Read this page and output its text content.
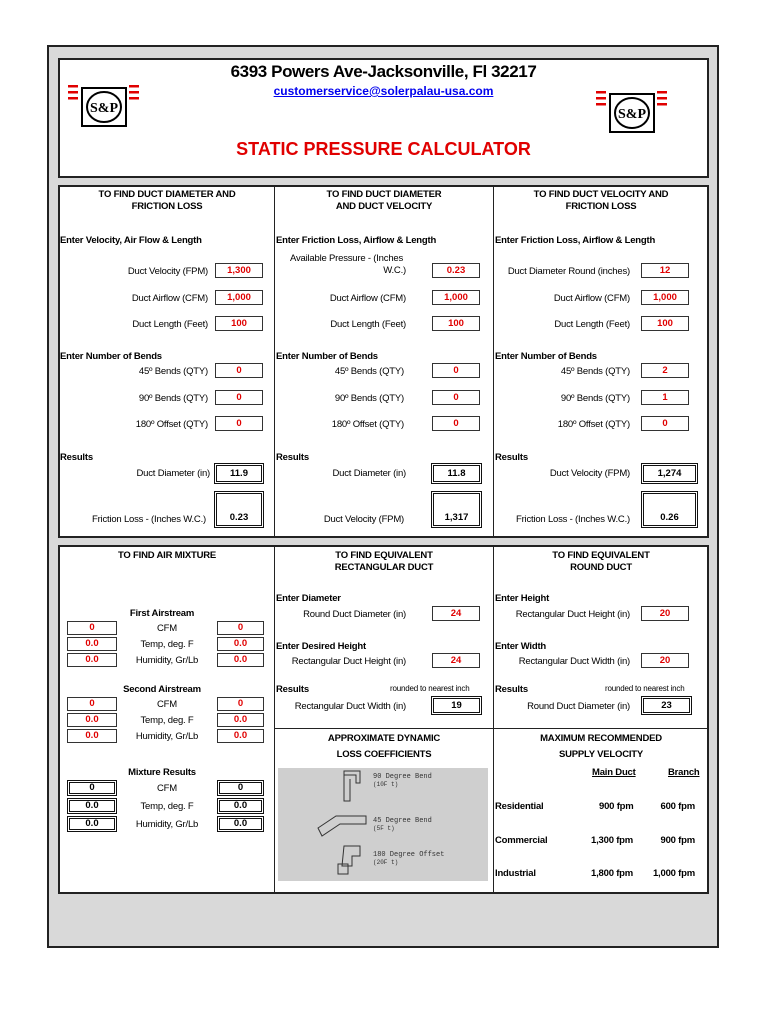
6393 Powers Ave-Jacksonville, Fl 32217
customerservice@solerpalau-usa.com
STATIC PRESSURE CALCULATOR
S&P	S&P
TO FIND DUCT DIAMETER AND
FRICTION LOSS
Enter Velocity, Air Flow & Length
Duct Velocity (FPM)	1,300
Duct Airflow (CFM)	1,000
Duct Length (Feet)	100
Enter Number of Bends
45º Bends (QTY)	0
90º Bends (QTY)	0
180º Offset (QTY)	0
Results
Duct Diameter (in)	11.9
Friction Loss - (Inches W.C.)	0.23
TO FIND DUCT DIAMETER
AND DUCT VELOCITY
Enter Friction Loss, Airflow & Length
Available Pressure - (Inches
W.C.)	0.23
Duct Airflow (CFM)	1,000
Duct Length (Feet)	100
Enter Number of Bends
45º Bends (QTY)	0
90º Bends (QTY)	0
180º Offset (QTY)	0
Results
Duct Diameter (in)	11.8
Duct Velocity (FPM)	1,317
TO FIND DUCT VELOCITY AND
FRICTION LOSS
Enter Friction Loss, Airflow & Length
Duct Diameter Round (inches)	12
Duct Airflow (CFM)	1,000
Duct Length (Feet)	100
Enter Number of Bends
45º Bends (QTY)	2
90º Bends (QTY)	1
180º Offset (QTY)	0
Results
Duct Velocity (FPM)	1,274
Friction Loss - (Inches W.C.)	0.26
TO FIND AIR MIXTURE
First Airstream
0	CFM	0
0.0	Temp, deg. F	0.0
0.0	Humidity, Gr/Lb	0.0
Second Airstream
0	CFM	0
0.0	Temp, deg. F	0.0
0.0	Humidity, Gr/Lb	0.0
Mixture Results
0	CFM	0
0.0	Temp, deg. F	0.0
0.0	Humidity, Gr/Lb	0.0
TO FIND EQUIVALENT
RECTANGULAR DUCT
Enter Diameter
Round Duct Diameter (in)	24
Enter Desired Height
Rectangular Duct Height (in)	24
Results	rounded to nearest inch
Rectangular Duct Width (in)	19
TO FIND EQUIVALENT
ROUND DUCT
Enter Height
Rectangular Duct Height (in)	20
Enter Width
Rectangular Duct Width (in)	20
Results	rounded to nearest inch
Round Duct Diameter (in)	23
APPROXIMATE DYNAMIC
LOSS COEFFICIENTS
90 Degree Bend
(10F t)
45 Degree Bend
(5F t)
180 Degree Offset
(20F t)
MAXIMUM RECOMMENDED
SUPPLY VELOCITY
Main Duct	Branch
Residential	900 fpm	600 fpm
Commercial	1,300 fpm	900 fpm
Industrial	1,800 fpm	1,000 fpm
